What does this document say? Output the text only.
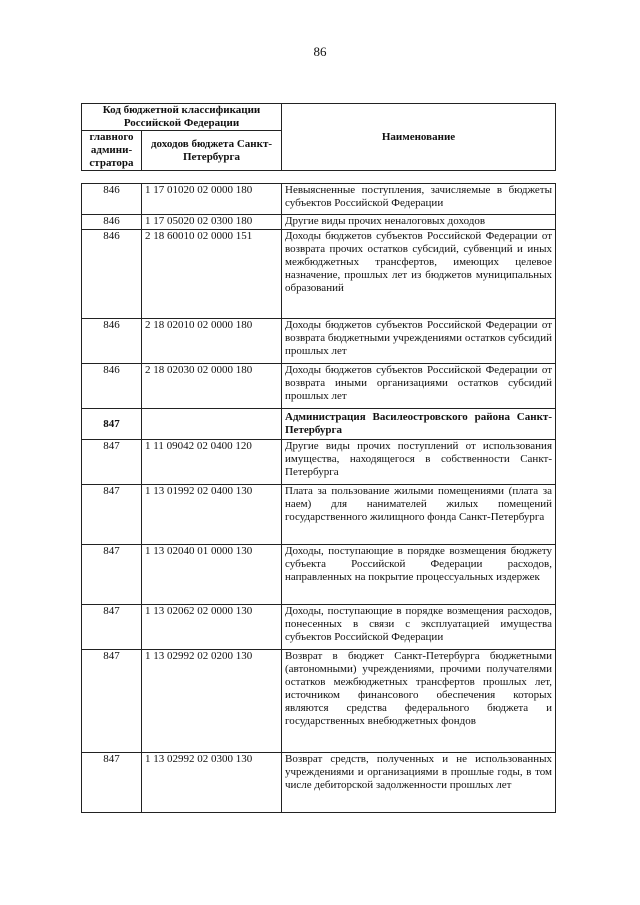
86
Код бюджетной классификации Российской Федерации		Наименование
главного админи-стратора	доходов бюджета Санкт-Петербурга	
846	1 17 01020 02 0000 180	Невыясненные поступления, зачисляемые в бюджеты субъектов Российской Федерации
846	1 17 05020 02 0300 180	Другие виды прочих неналоговых доходов
846	2 18 60010 02 0000 151	Доходы бюджетов субъектов Российской Федерации от возврата прочих остатков субсидий, субвенций и иных межбюджетных трансфертов, имеющих целевое назначение, прошлых лет из бюджетов муниципальных образований
846	2 18 02010 02 0000 180	Доходы бюджетов субъектов Российской Федерации от возврата бюджетными учреждениями остатков субсидий прошлых лет
846	2 18 02030 02 0000 180	Доходы бюджетов субъектов Российской Федерации от возврата иными организациями остатков субсидий прошлых лет
847		Администрация Василеостровского района Санкт-Петербурга
847	1 11 09042 02 0400 120	Другие виды прочих поступлений от использования имущества, находящегося в собственности Санкт-Петербурга
847	1 13 01992 02 0400 130	Плата за пользование жилыми помещениями (плата за наем) для нанимателей жилых помещений государственного жилищного фонда Санкт-Петербурга
847	1 13 02040 01 0000 130	Доходы, поступающие в порядке возмещения бюджету субъекта Российской Федерации расходов, направленных на покрытие процессуальных издержек
847	1 13 02062 02 0000 130	Доходы, поступающие в порядке возмещения расходов, понесенных в связи с эксплуатацией имущества субъектов Российской Федерации
847	1 13 02992 02 0200 130	Возврат в бюджет Санкт-Петербурга бюджетными (автономными) учреждениями, прочими получателями остатков межбюджетных трансфертов прошлых лет, источником финансового обеспечения которых являются средства федерального бюджета и государственных внебюджетных фондов
847	1 13 02992 02 0300 130	Возврат средств, полученных и не использованных учреждениями и организациями в прошлые годы, в том числе дебиторской задолженности прошлых лет
